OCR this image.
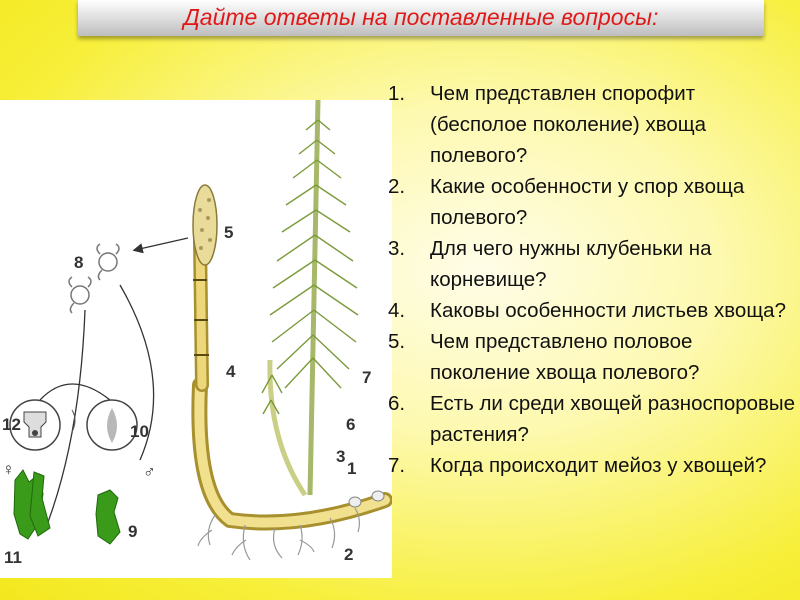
Дайте ответы на поставленные вопросы:
1
2
3
4
5
6
7
8
9
10
11
12
♀	♂
1. Чем представлен спорофит (бесполое поколение) хвоща полевого?
2. Какие особенности у спор хвоща полевого?
3. Для чего нужны клубеньки на корневище?
4. Каковы особенности листьев хвоща?
5. Чем представлено половое поколение хвоща полевого?
6. Есть ли среди хвощей разноспоровые растения?
7. Когда происходит мейоз у хвощей?
